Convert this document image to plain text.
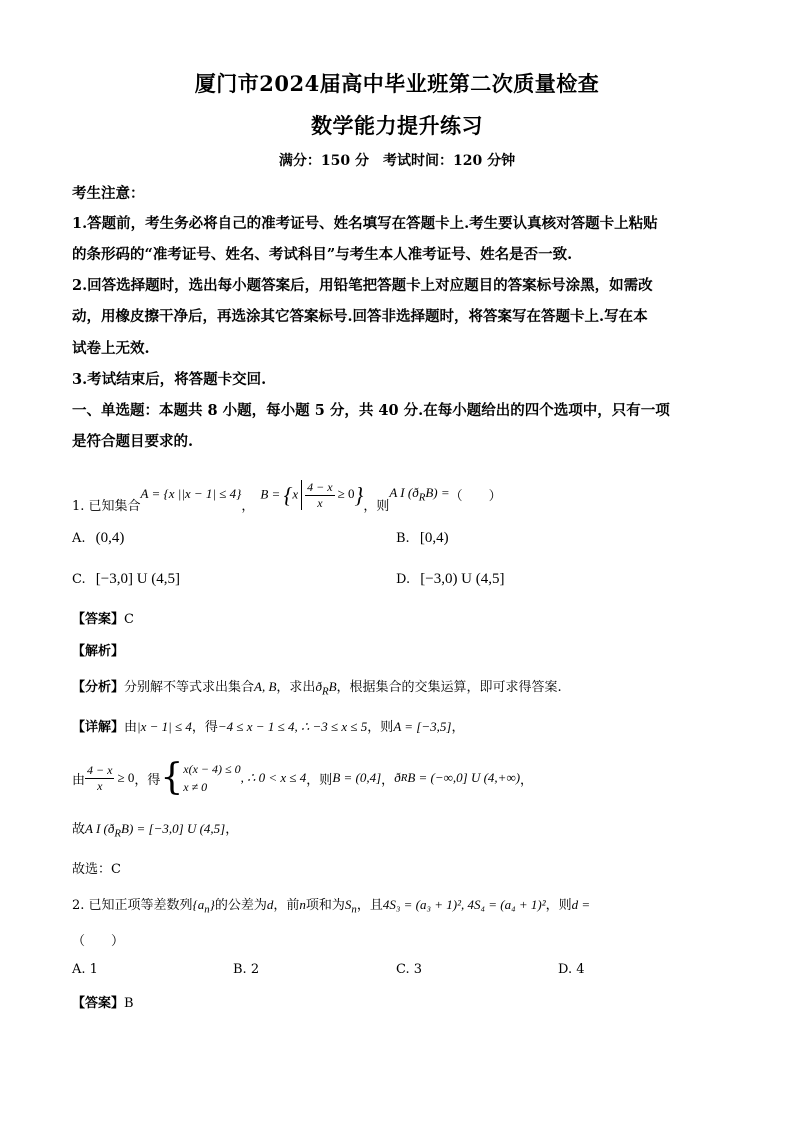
厦门市2024届高中毕业班第二次质量检查
数学能力提升练习
满分：150 分　考试时间：120 分钟
考生注意：
1.答题前，考生务必将自己的准考证号、姓名填写在答题卡上.考生要认真核对答题卡上粘贴
的条形码的“准考证号、姓名、考试科目”与考生本人准考证号、姓名是否一致.
2.回答选择题时，选出每小题答案后，用铅笔把答题卡上对应题目的答案标号涂黑，如需改
动，用橡皮擦干净后，再选涂其它答案标号.回答非选择题时，将答案写在答题卡上.写在本
试卷上无效.
3.考试结束后，将答题卡交回.
一、单选题：本题共 8 小题，每小题 5 分，共 40 分.在每小题给出的四个选项中，只有一项
是符合题目要求的.
1. 已知集合
A = {x ||x − 1| ≤ 4}
，
$B = \{x \frac{4 - x}{x} \ge 0\}$ ，则
A I $(ð_RB)$ = （　　）
A. (0,4)	B. [0,4)
C. [−3,0] U (4,5]	D. [−3,0) U (4,5]
【答案】C
【解析】
【分析】分别解不等式求出集合A, B，求出$ð_RB$，根据集合的交集运算，即可求得答案.
【详解】由|x − 1| ≤ 4，得−4 ≤ x − 1 ≤ 4, ∴ −3 ≤ x ≤ 5，则A = [−3,5]，
由 $\frac{4 - x}{x} \ge 0$ ，得 { x(x − 4) ≤ 0
x ≠ 0
, ∴ 0 < x ≤ 4 ，则 B = (0,4] ， ð R B = (−∞,0] U (4,+∞) ，
故A I $(ð_RB) = [-3,0]$ U (4,5]，
故选：C
2. 已知正项等差数列$\{a_n\}$的公差为d，前n项和为$S_n$，且4S₃ = (a₃ + 1)², 4S₄ = (a₄ + 1)²，则d =
（　　）
A. 1	B. 2	C. 3	D. 4
【答案】B
